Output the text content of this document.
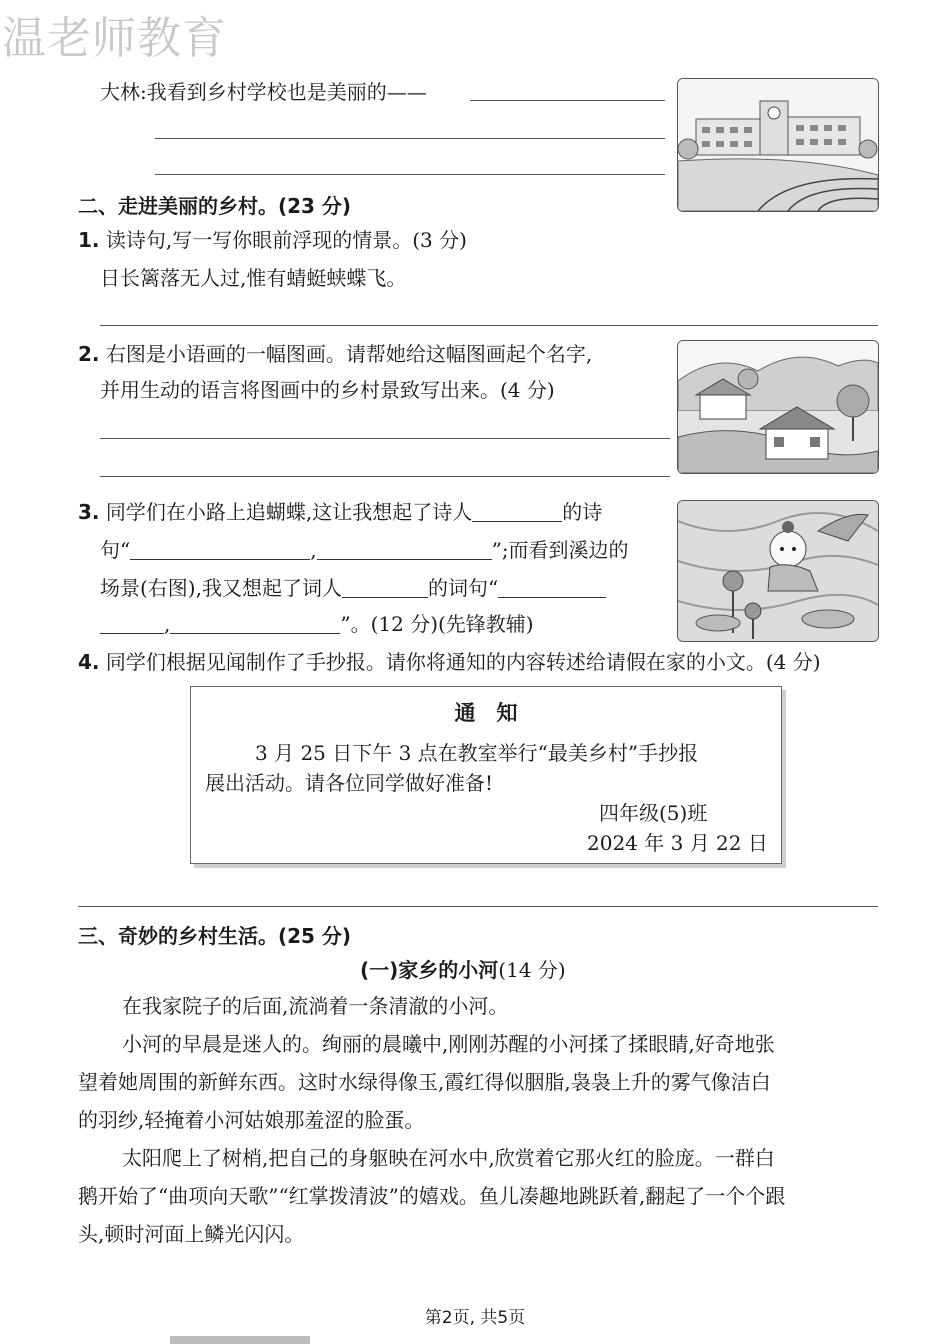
温老师教育
大林:我看到乡村学校也是美丽的——
二、走进美丽的乡村。(23 分)
1. 读诗句,写一写你眼前浮现的情景。(3 分)
日长篱落无人过,惟有蜻蜓蛱蝶飞。
2. 右图是小语画的一幅图画。请帮她给这幅图画起个名字,
并用生动的语言将图画中的乡村景致写出来。(4 分)
3. 同学们在小路上追蝴蝶,这让我想起了诗人	的诗
句“	,	”;而看到溪边的
场景(右图),我又想起了词人	的词句“
,	”。(12 分)(先锋教辅)
4. 同学们根据见闻制作了手抄报。请你将通知的内容转述给请假在家的小文。(4 分)
通　知
3 月 25 日下午 3 点在教室举行“最美乡村”手抄报
展出活动。请各位同学做好准备!
四年级(5)班
2024 年 3 月 22 日
三、奇妙的乡村生活。(25 分)
(一)家乡的小河(14 分)
在我家院子的后面,流淌着一条清澈的小河。
小河的早晨是迷人的。绚丽的晨曦中,刚刚苏醒的小河揉了揉眼睛,好奇地张
望着她周围的新鲜东西。这时水绿得像玉,霞红得似胭脂,袅袅上升的雾气像洁白
的羽纱,轻掩着小河姑娘那羞涩的脸蛋。
太阳爬上了树梢,把自己的身躯映在河水中,欣赏着它那火红的脸庞。一群白
鹅开始了“曲项向天歌”“红掌拨清波”的嬉戏。鱼儿凑趣地跳跃着,翻起了一个个跟
头,顿时河面上鳞光闪闪。
第2页, 共5页
